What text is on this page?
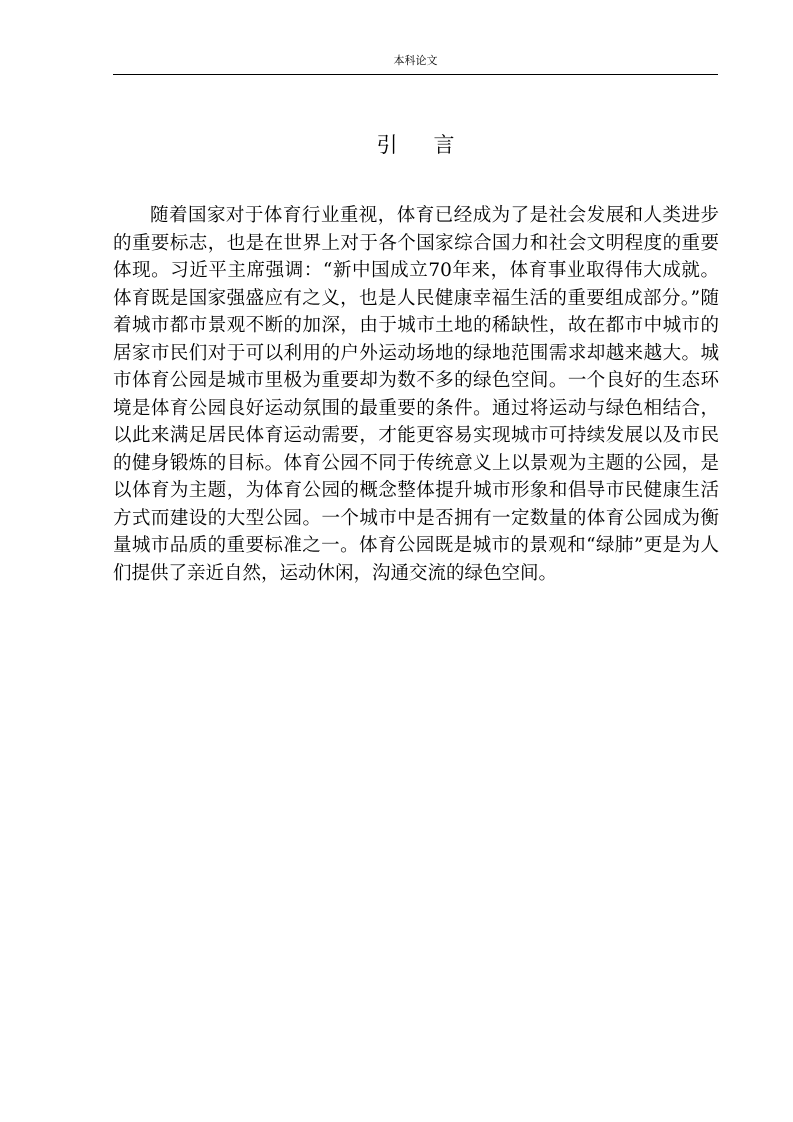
本科论文
引言

随着国家对于体育行业重视，体育已经成为了是社会发展和人类进步的重要标志，也是在世界上对于各个国家综合国力和社会文明程度的重要体现。习近平主席强调：“新中国成立70年来，体育事业取得伟大成就。体育既是国家强盛应有之义，也是人民健康幸福生活的重要组成部分。”随着城市都市景观不断的加深，由于城市土地的稀缺性，故在都市中城市的居家市民们对于可以利用的户外运动场地的绿地范围需求却越来越大。城市体育公园是城市里极为重要却为数不多的绿色空间。一个良好的生态环境是体育公园良好运动氛围的最重要的条件。通过将运动与绿色相结合，以此来满足居民体育运动需要，才能更容易实现城市可持续发展以及市民的健身锻炼的目标。体育公园不同于传统意义上以景观为主题的公园，是以体育为主题，为体育公园的概念整体提升城市形象和倡导市民健康生活方式而建设的大型公园。一个城市中是否拥有一定数量的体育公园成为衡量城市品质的重要标准之一。体育公园既是城市的景观和“绿肺”更是为人们提供了亲近自然，运动休闲，沟通交流的绿色空间。
